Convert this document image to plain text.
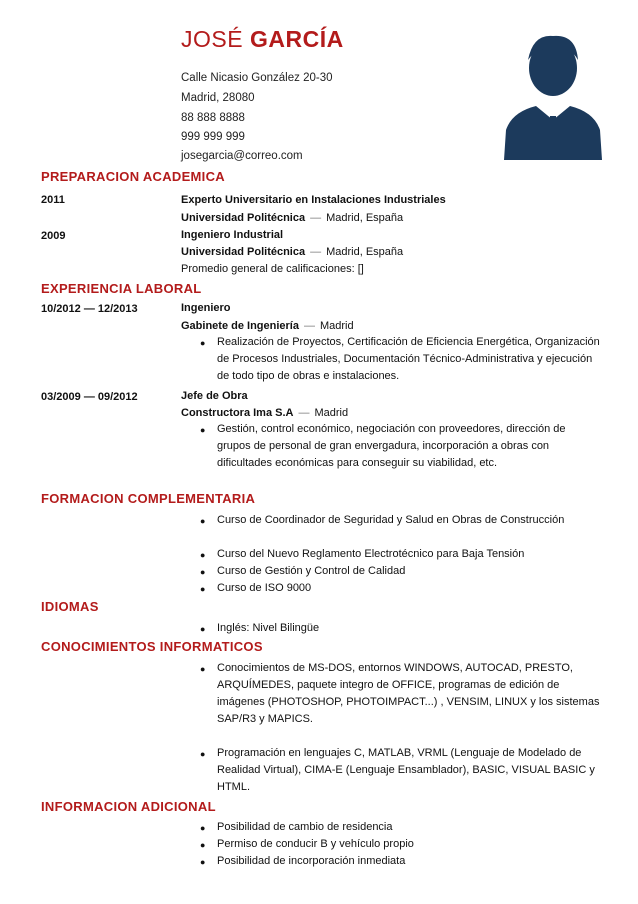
JOSÉ GARCÍA
Calle Nicasio González 20-30
Madrid, 28080
88 888 8888
999 999 999
josegarcia@correo.com
PREPARACION ACADEMICA
2011	Experto Universitario en Instalaciones Industriales
Universidad Politécnica — Madrid, España
2009	Ingeniero Industrial
Universidad Politécnica — Madrid, España
Promedio general de calificaciones: []
EXPERIENCIA LABORAL
10/2012 — 12/2013	Ingeniero
Gabinete de Ingeniería — Madrid
● Realización de Proyectos, Certificación de Eficiencia Energética, Organización de Procesos Industriales, Documentación Técnico-Administrativa y ejecución de todo tipo de obras e instalaciones.
03/2009 — 09/2012	Jefe de Obra
Constructora Ima S.A — Madrid
● Gestión, control económico, negociación con proveedores, dirección de grupos de personal de gran envergadura, incorporación a obras con dificultades económicas para conseguir su viabilidad, etc.
FORMACION COMPLEMENTARIA
● Curso de Coordinador de Seguridad y Salud en Obras de Construcción
● Curso del Nuevo Reglamento Electrotécnico para Baja Tensión
● Curso de Gestión y Control de Calidad
● Curso de ISO 9000
IDIOMAS
● Inglés: Nivel Bilingüe
CONOCIMIENTOS INFORMATICOS
● Conocimientos de MS-DOS, entornos WINDOWS, AUTOCAD, PRESTO, ARQUÍMEDES, paquete integro de OFFICE, programas de edición de imágenes (PHOTOSHOP, PHOTOIMPACT...) , VENSIM, LINUX y los sistemas SAP/R3 y MAPICS.
● Programación en lenguajes C, MATLAB, VRML (Lenguaje de Modelado de Realidad Virtual), CIMA-E (Lenguaje Ensamblador), BASIC, VISUAL BASIC y HTML.
INFORMACION ADICIONAL
● Posibilidad de cambio de residencia
● Permiso de conducir B y vehículo propio
● Posibilidad de incorporación inmediata
